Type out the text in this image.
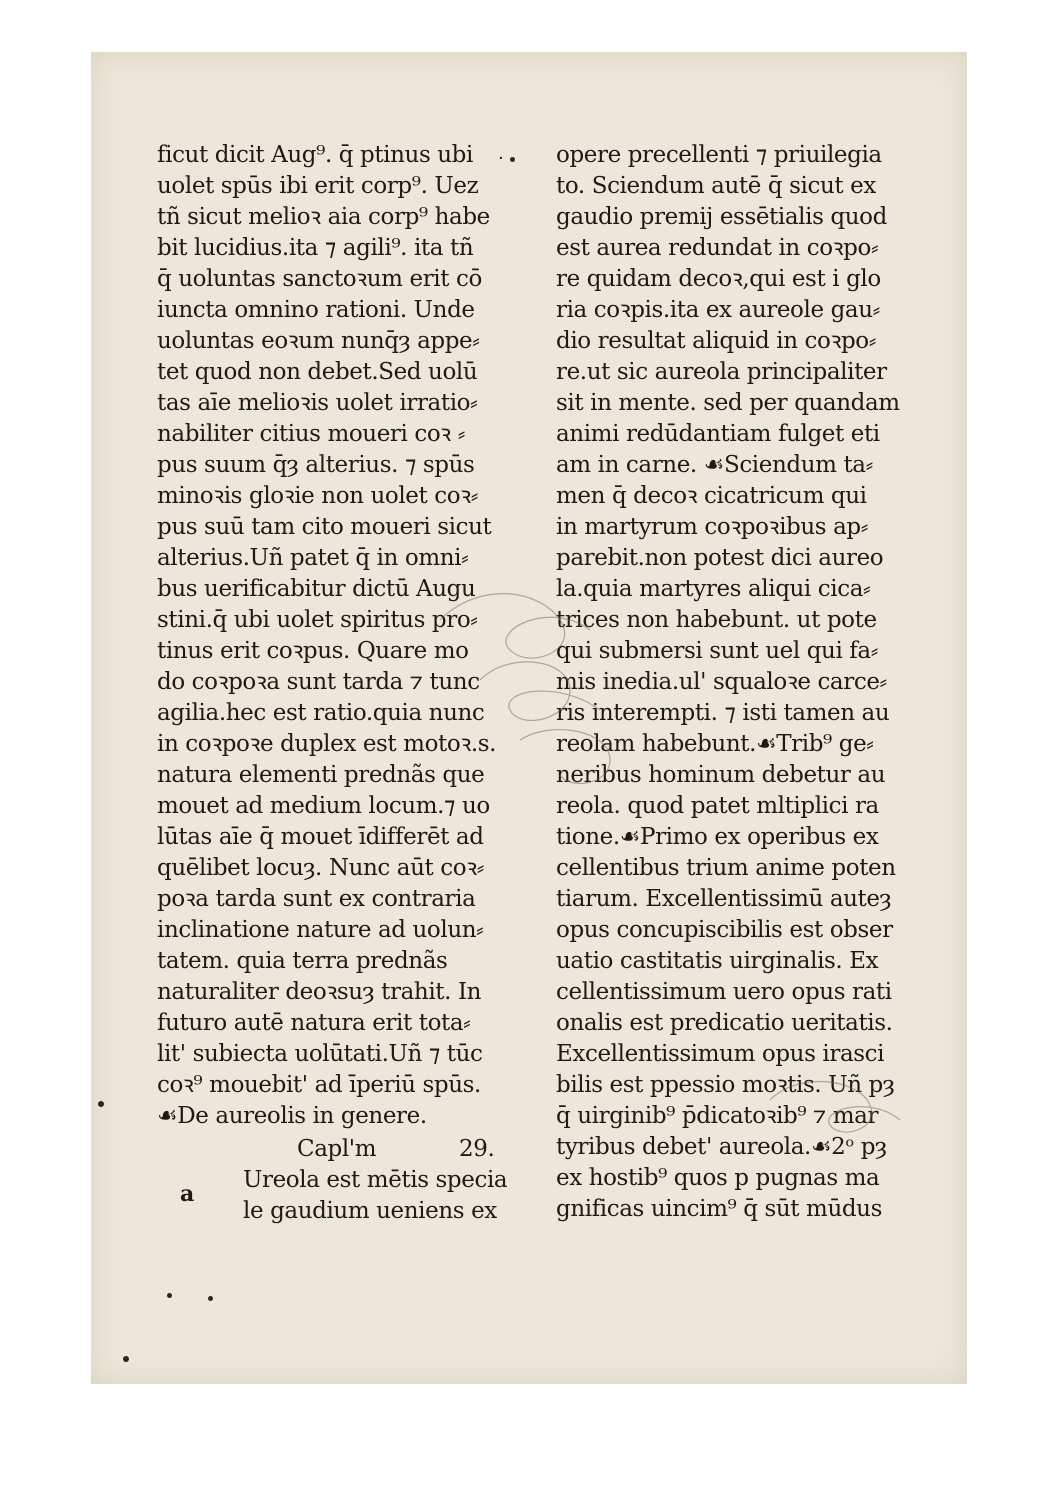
ficut dicit Aug⁹. q̄ ptinus ubi
uolet spūs ibi erit corp⁹. Uez
tñ sicut melioꝛ aia corp⁹ habe
bit lucidius.ita ⁊ agili⁹. ita tñ
q̄ uoluntas sanctoꝛum erit cō
iuncta omnino rationi. Unde
uoluntas eoꝛum nunq̄ȝ appe⸗
tet quod non debet.Sed uolū
tas aīe melioꝛis uolet irratio⸗
nabiliter citius moueri coꝛ ⸗
pus suum q̄ȝ alterius. ⁊ spūs
minoꝛis gloꝛie non uolet coꝛ⸗
pus suū tam cito moueri sicut
alterius.Uñ patet q̄ in omni⸗
bus uerificabitur dictū Augu
stini.q̄ ubi uolet spiritus pro⸗
tinus erit coꝛpus. Quare mo
do coꝛpoꝛa sunt tarda ⁊ tunc
agilia.hec est ratio.quia nunc
in coꝛpoꝛe duplex est motoꝛ.s.
natura elementi prednãs que
mouet ad medium locum.⁊ uo
lūtas aīe q̄ mouet īdifferēt ad
quēlibet locuȝ. Nunc aūt coꝛ⸗
poꝛa tarda sunt ex contraria
inclinatione nature ad uolun⸗
tatem. quia terra prednãs
naturaliter deoꝛsuȝ trahit. In
futuro autē natura erit tota⸗
lit' subiecta uolūtati.Uñ ⁊ tūc
coꝛ⁹ mouebit' ad īperiū spūs.
☙De aureolis in genere.
Capl'm	29.
Ureola est mētis specia
le gaudium ueniens ex
a
opere precellenti ⁊ priuilegia
to. Sciendum autē q̄ sicut ex
gaudio premij essētialis quod
est aurea redundat in coꝛpo⸗
re quidam decoꝛ,qui est i glo
ria coꝛpis.ita ex aureole gau⸗
dio resultat aliquid in coꝛpo⸗
re.ut sic aureola principaliter
sit in mente. sed per quandam
animi redūdantiam fulget eti
am in carne. ☙Sciendum ta⸗
men q̄ decoꝛ cicatricum qui
in martyrum coꝛpoꝛibus ap⸗
parebit.non potest dici aureo
la.quia martyres aliqui cica⸗
trices non habebunt. ut pote
qui submersi sunt uel qui fa⸗
mis inedia.ul' squaloꝛe carce⸗
ris interempti. ⁊ isti tamen au
reolam habebunt.☙Trib⁹ ge⸗
neribus hominum debetur au
reola. quod patet mltiplici ra
tione.☙Primo ex operibus ex
cellentibus trium anime poten
tiarum. Excellentissimū auteȝ
opus concupiscibilis est obser
uatio castitatis uirginalis. Ex
cellentissimum uero opus rati
onalis est predicatio ueritatis.
Excellentissimum opus irasci
bilis est ppessio moꝛtis. Uñ pȝ
q̄ uirginib⁹ p̄dicatoꝛib⁹ ⁊ mar
tyribus debet' aureola.☙2ᵒ pȝ
ex hostib⁹ quos p pugnas ma
gnificas uincim⁹ q̄ sūt mūdus
·
